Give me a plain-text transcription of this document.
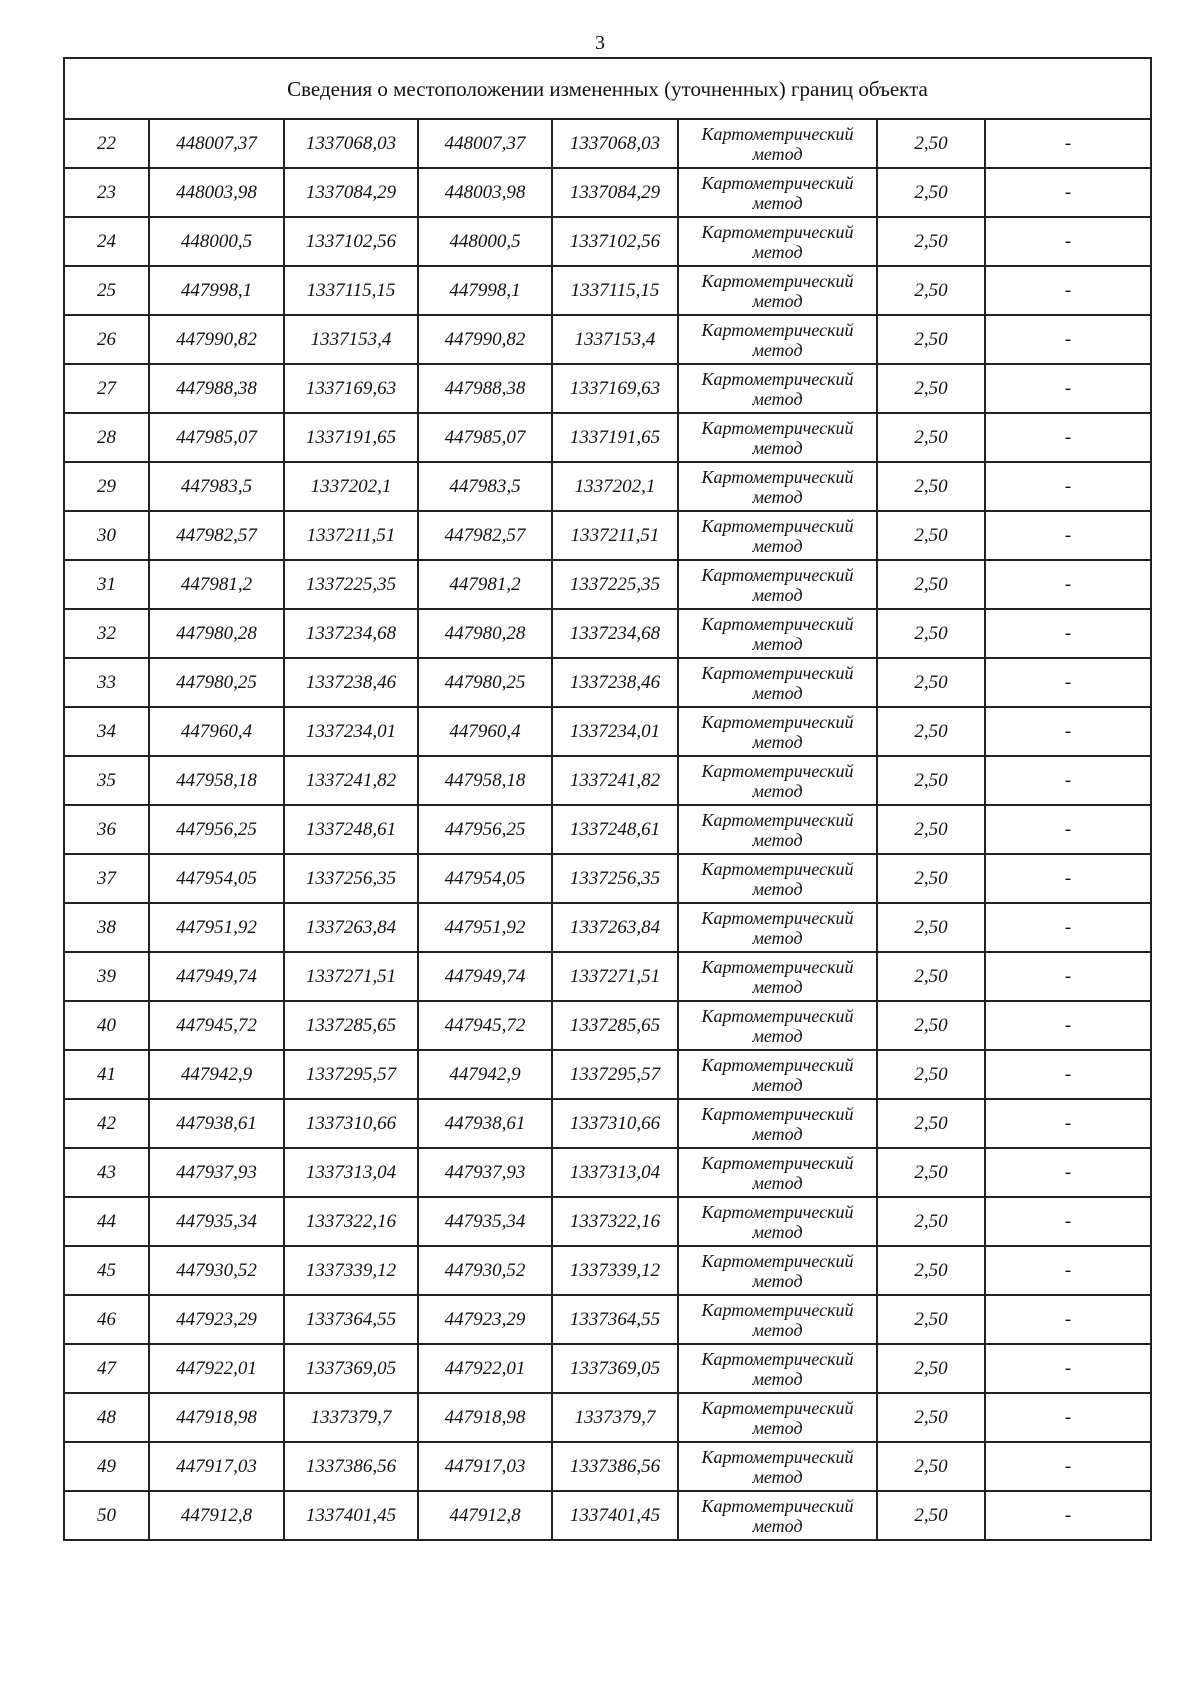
3
Сведения о местоположении измененных (уточненных) границ объекта							
22	448007,37	1337068,03	448007,37	1337068,03	Картометрический метод	2,50	-
23	448003,98	1337084,29	448003,98	1337084,29	Картометрический метод	2,50	-
24	448000,5	1337102,56	448000,5	1337102,56	Картометрический метод	2,50	-
25	447998,1	1337115,15	447998,1	1337115,15	Картометрический метод	2,50	-
26	447990,82	1337153,4	447990,82	1337153,4	Картометрический метод	2,50	-
27	447988,38	1337169,63	447988,38	1337169,63	Картометрический метод	2,50	-
28	447985,07	1337191,65	447985,07	1337191,65	Картометрический метод	2,50	-
29	447983,5	1337202,1	447983,5	1337202,1	Картометрический метод	2,50	-
30	447982,57	1337211,51	447982,57	1337211,51	Картометрический метод	2,50	-
31	447981,2	1337225,35	447981,2	1337225,35	Картометрический метод	2,50	-
32	447980,28	1337234,68	447980,28	1337234,68	Картометрический метод	2,50	-
33	447980,25	1337238,46	447980,25	1337238,46	Картометрический метод	2,50	-
34	447960,4	1337234,01	447960,4	1337234,01	Картометрический метод	2,50	-
35	447958,18	1337241,82	447958,18	1337241,82	Картометрический метод	2,50	-
36	447956,25	1337248,61	447956,25	1337248,61	Картометрический метод	2,50	-
37	447954,05	1337256,35	447954,05	1337256,35	Картометрический метод	2,50	-
38	447951,92	1337263,84	447951,92	1337263,84	Картометрический метод	2,50	-
39	447949,74	1337271,51	447949,74	1337271,51	Картометрический метод	2,50	-
40	447945,72	1337285,65	447945,72	1337285,65	Картометрический метод	2,50	-
41	447942,9	1337295,57	447942,9	1337295,57	Картометрический метод	2,50	-
42	447938,61	1337310,66	447938,61	1337310,66	Картометрический метод	2,50	-
43	447937,93	1337313,04	447937,93	1337313,04	Картометрический метод	2,50	-
44	447935,34	1337322,16	447935,34	1337322,16	Картометрический метод	2,50	-
45	447930,52	1337339,12	447930,52	1337339,12	Картометрический метод	2,50	-
46	447923,29	1337364,55	447923,29	1337364,55	Картометрический метод	2,50	-
47	447922,01	1337369,05	447922,01	1337369,05	Картометрический метод	2,50	-
48	447918,98	1337379,7	447918,98	1337379,7	Картометрический метод	2,50	-
49	447917,03	1337386,56	447917,03	1337386,56	Картометрический метод	2,50	-
50	447912,8	1337401,45	447912,8	1337401,45	Картометрический метод	2,50	-
